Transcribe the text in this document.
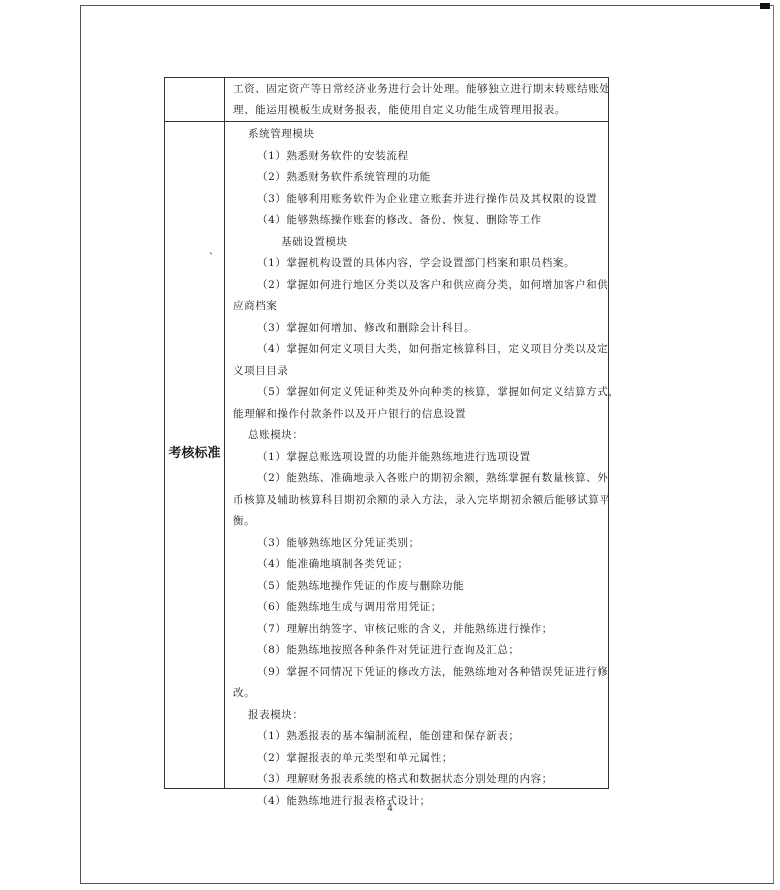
工资、固定资产等日常经济业务进行会计处理。能够独立进行期末转账结账处
理、能运用模板生成财务报表，能使用自定义功能生成管理用报表。
、
考核标准
系统管理模块
（1）熟悉财务软件的安装流程
（2）熟悉财务软件系统管理的功能
（3）能够利用账务软件为企业建立账套并进行操作员及其权限的设置
（4）能够熟练操作账套的修改、备份、恢复、删除等工作
基础设置模块
（1）掌握机构设置的具体内容，学会设置部门档案和职员档案。
（2）掌握如何进行地区分类以及客户和供应商分类，如何增加客户和供
应商档案
（3）掌握如何增加、修改和删除会计科目。
（4）掌握如何定义项目大类，如何指定核算科目，定义项目分类以及定
义项目目录
（5）掌握如何定义凭证种类及外向种类的核算，掌握如何定义结算方式，
能理解和操作付款条件以及开户银行的信息设置
总账模块：
（1）掌握总账选项设置的功能并能熟练地进行选项设置
（2）能熟练、准确地录入各账户的期初余额，熟练掌握有数量核算、外
币核算及辅助核算科目期初余额的录入方法，录入完毕期初余额后能够试算平
衡。
（3）能够熟练地区分凭证类别；
（4）能准确地填制各类凭证；
（5）能熟练地操作凭证的作废与删除功能
（6）能熟练地生成与调用常用凭证；
（7）理解出纳签字、审核记账的含义，并能熟练进行操作；
（8）能熟练地按照各种条件对凭证进行查询及汇总；
（9）掌握不同情况下凭证的修改方法，能熟练地对各种错误凭证进行修
改。
报表模块：
（1）熟悉报表的基本编制流程，能创建和保存新表；
（2）掌握报表的单元类型和单元属性；
（3）理解财务报表系统的格式和数据状态分别处理的内容；
（4）能熟练地进行报表格式设计；
4
